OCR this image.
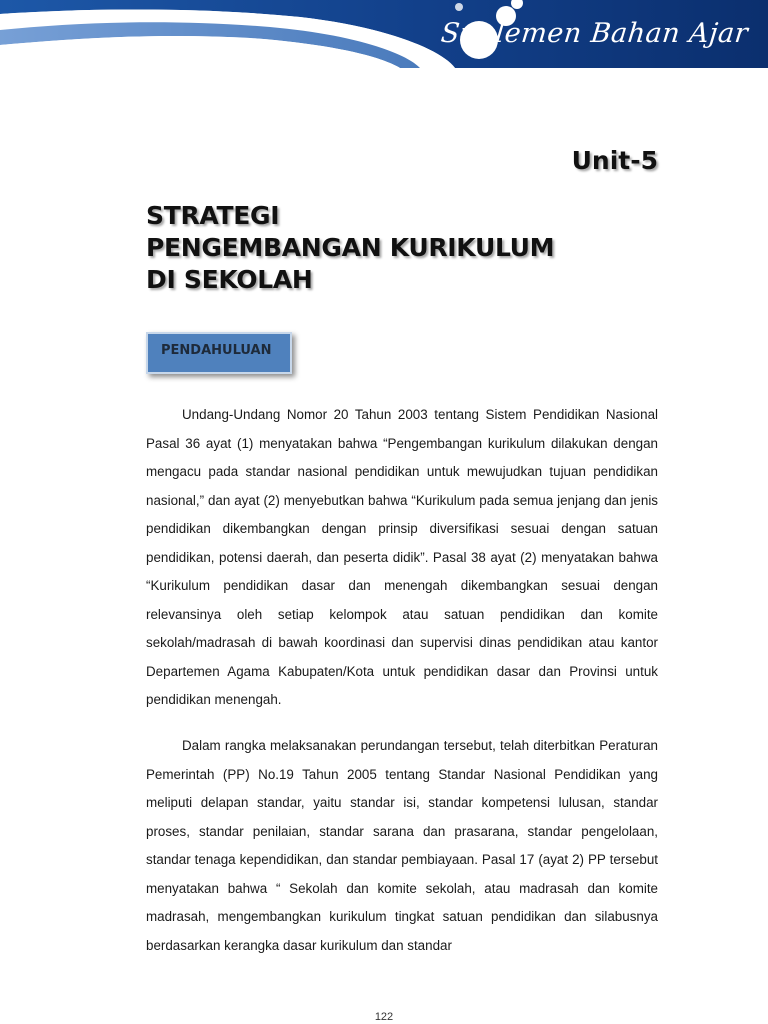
Suplemen Bahan Ajar
Unit-5
STRATEGI
PENGEMBANGAN KURIKULUM
DI SEKOLAH
PENDAHULUAN

Undang-Undang Nomor 20 Tahun 2003 tentang Sistem Pendidikan Nasional Pasal 36 ayat (1) menyatakan bahwa “Pengembangan kurikulum dilakukan dengan mengacu pada standar nasional pendidikan untuk mewujudkan tujuan pendidikan nasional,” dan ayat (2) menyebutkan bahwa “Kurikulum pada semua jenjang dan jenis pendidikan dikembangkan dengan prinsip diversifikasi sesuai dengan satuan pendidikan, potensi daerah, dan peserta didik”. Pasal 38 ayat (2) menyatakan bahwa “Kurikulum pendidikan dasar dan menengah dikembangkan sesuai dengan relevansinya oleh setiap kelompok atau satuan pendidikan dan komite sekolah/madrasah di bawah koordinasi dan supervisi dinas pendidikan atau kantor Departemen Agama Kabupaten/Kota untuk pendidikan dasar dan Provinsi untuk pendidikan menengah.

Dalam rangka melaksanakan perundangan tersebut, telah diterbitkan Peraturan Pemerintah (PP) No.19 Tahun 2005 tentang Standar Nasional Pendidikan yang meliputi delapan standar, yaitu standar isi, standar kompetensi lulusan, standar proses, standar penilaian, standar sarana dan prasarana, standar pengelolaan, standar tenaga kependidikan, dan standar pembiayaan. Pasal 17 (ayat 2) PP tersebut menyatakan bahwa “ Sekolah dan komite sekolah, atau madrasah dan komite madrasah, mengembangkan kurikulum tingkat satuan pendidikan dan silabusnya berdasarkan kerangka dasar kurikulum dan standar

122
